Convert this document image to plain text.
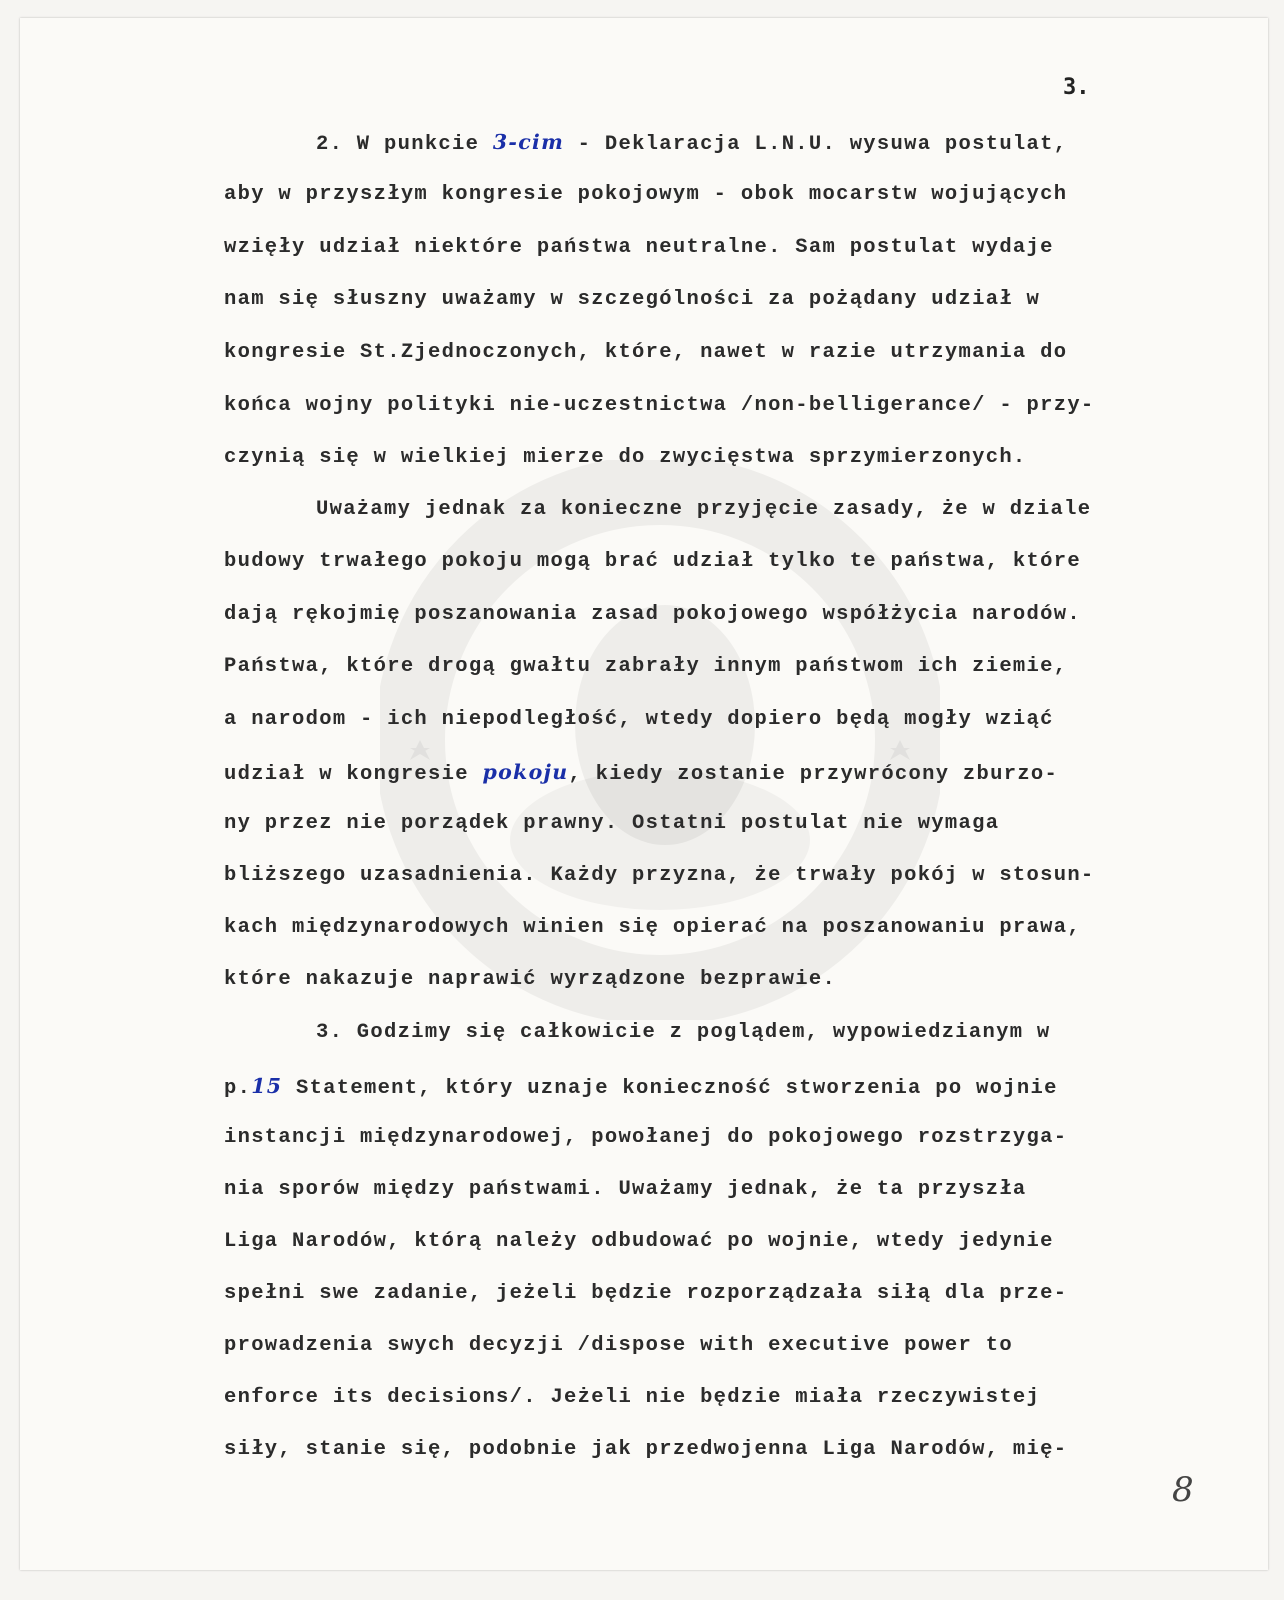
3.
2. W punkcie 3-cim - Deklaracja L.N.U. wysuwa postulat,
aby w przyszłym kongresie pokojowym - obok mocarstw wojujących
wzięły udział niektóre państwa neutralne. Sam postulat wydaje
nam się słuszny uważamy w szczególności za pożądany udział w
kongresie St.Zjednoczonych, które, nawet w razie utrzymania do
końca wojny polityki nie-uczestnictwa /non-belligerance/ - przy-
czynią się w wielkiej mierze do zwycięstwa sprzymierzonych.
Uważamy jednak za konieczne przyjęcie zasady, że w dziale
budowy trwałego pokoju mogą brać udział tylko te państwa, które
dają rękojmię poszanowania zasad pokojowego współżycia narodów.
Państwa, które drogą gwałtu zabrały innym państwom ich ziemie,
a narodom - ich niepodległość, wtedy dopiero będą mogły wziąć
udział w kongresie pokoju, kiedy zostanie przywrócony zburzo-
ny przez nie porządek prawny. Ostatni postulat nie wymaga
bliższego uzasadnienia. Każdy przyzna, że trwały pokój w stosun-
kach międzynarodowych winien się opierać na poszanowaniu prawa,
które nakazuje naprawić wyrządzone bezprawie.
3. Godzimy się całkowicie z poglądem, wypowiedzianym w
p.15 Statement, który uznaje konieczność stworzenia po wojnie
instancji międzynarodowej, powołanej do pokojowego rozstrzyga-
nia sporów między państwami. Uważamy jednak, że ta przyszła
Liga Narodów, którą należy odbudować po wojnie, wtedy jedynie
spełni swe zadanie, jeżeli będzie rozporządzała siłą dla prze-
prowadzenia swych decyzji /dispose with executive power to
enforce its decisions/. Jeżeli nie będzie miała rzeczywistej
siły, stanie się, podobnie jak przedwojenna Liga Narodów, mię-
8
